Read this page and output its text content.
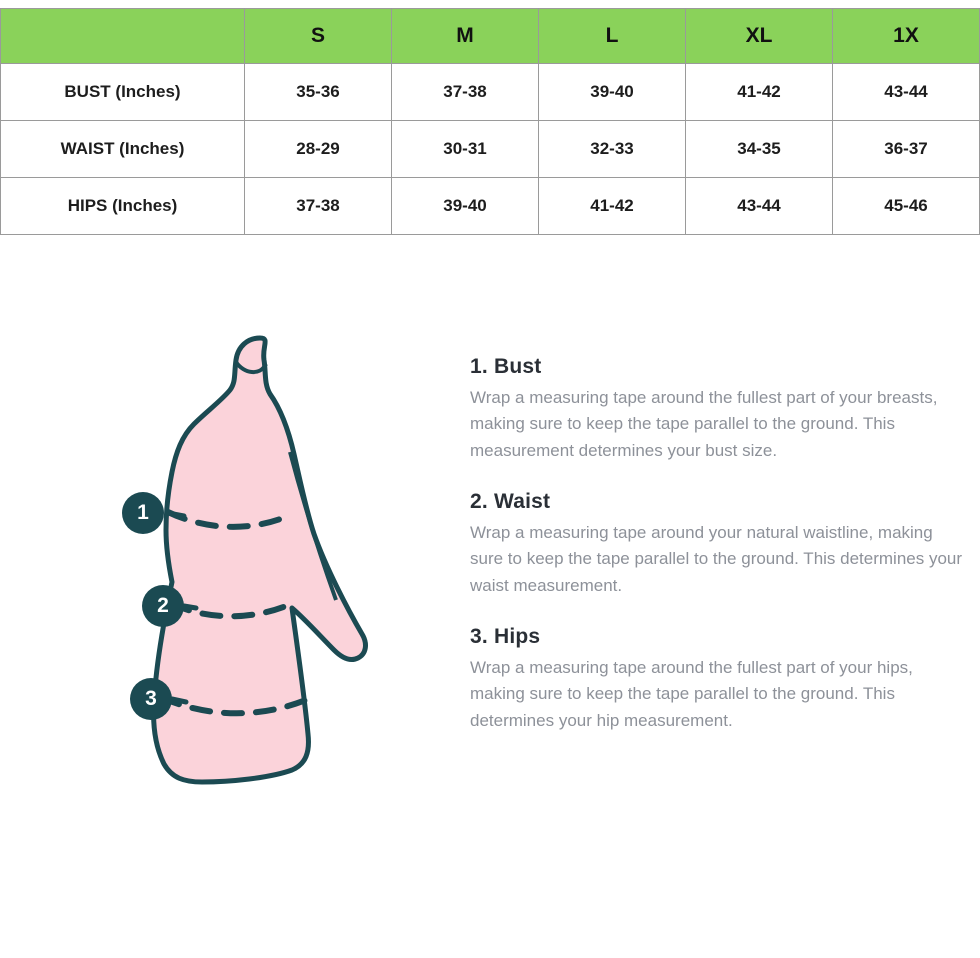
	S	M	L	XL	1X
BUST (Inches)	35-36	37-38	39-40	41-42	43-44
WAIST (Inches)	28-29	30-31	32-33	34-35	36-37
HIPS (Inches)	37-38	39-40	41-42	43-44	45-46
1
2
3
1. Bust

Wrap a measuring tape around the fullest part of your breasts, making sure to keep the tape parallel to the ground. This measurement determines your bust size.

2. Waist

Wrap a measuring tape around your natural waistline, making sure to keep the tape parallel to the ground. This determines your waist measurement.

3. Hips

Wrap a measuring tape around the fullest part of your hips, making sure to keep the tape parallel to the ground. This determines your hip measurement.
